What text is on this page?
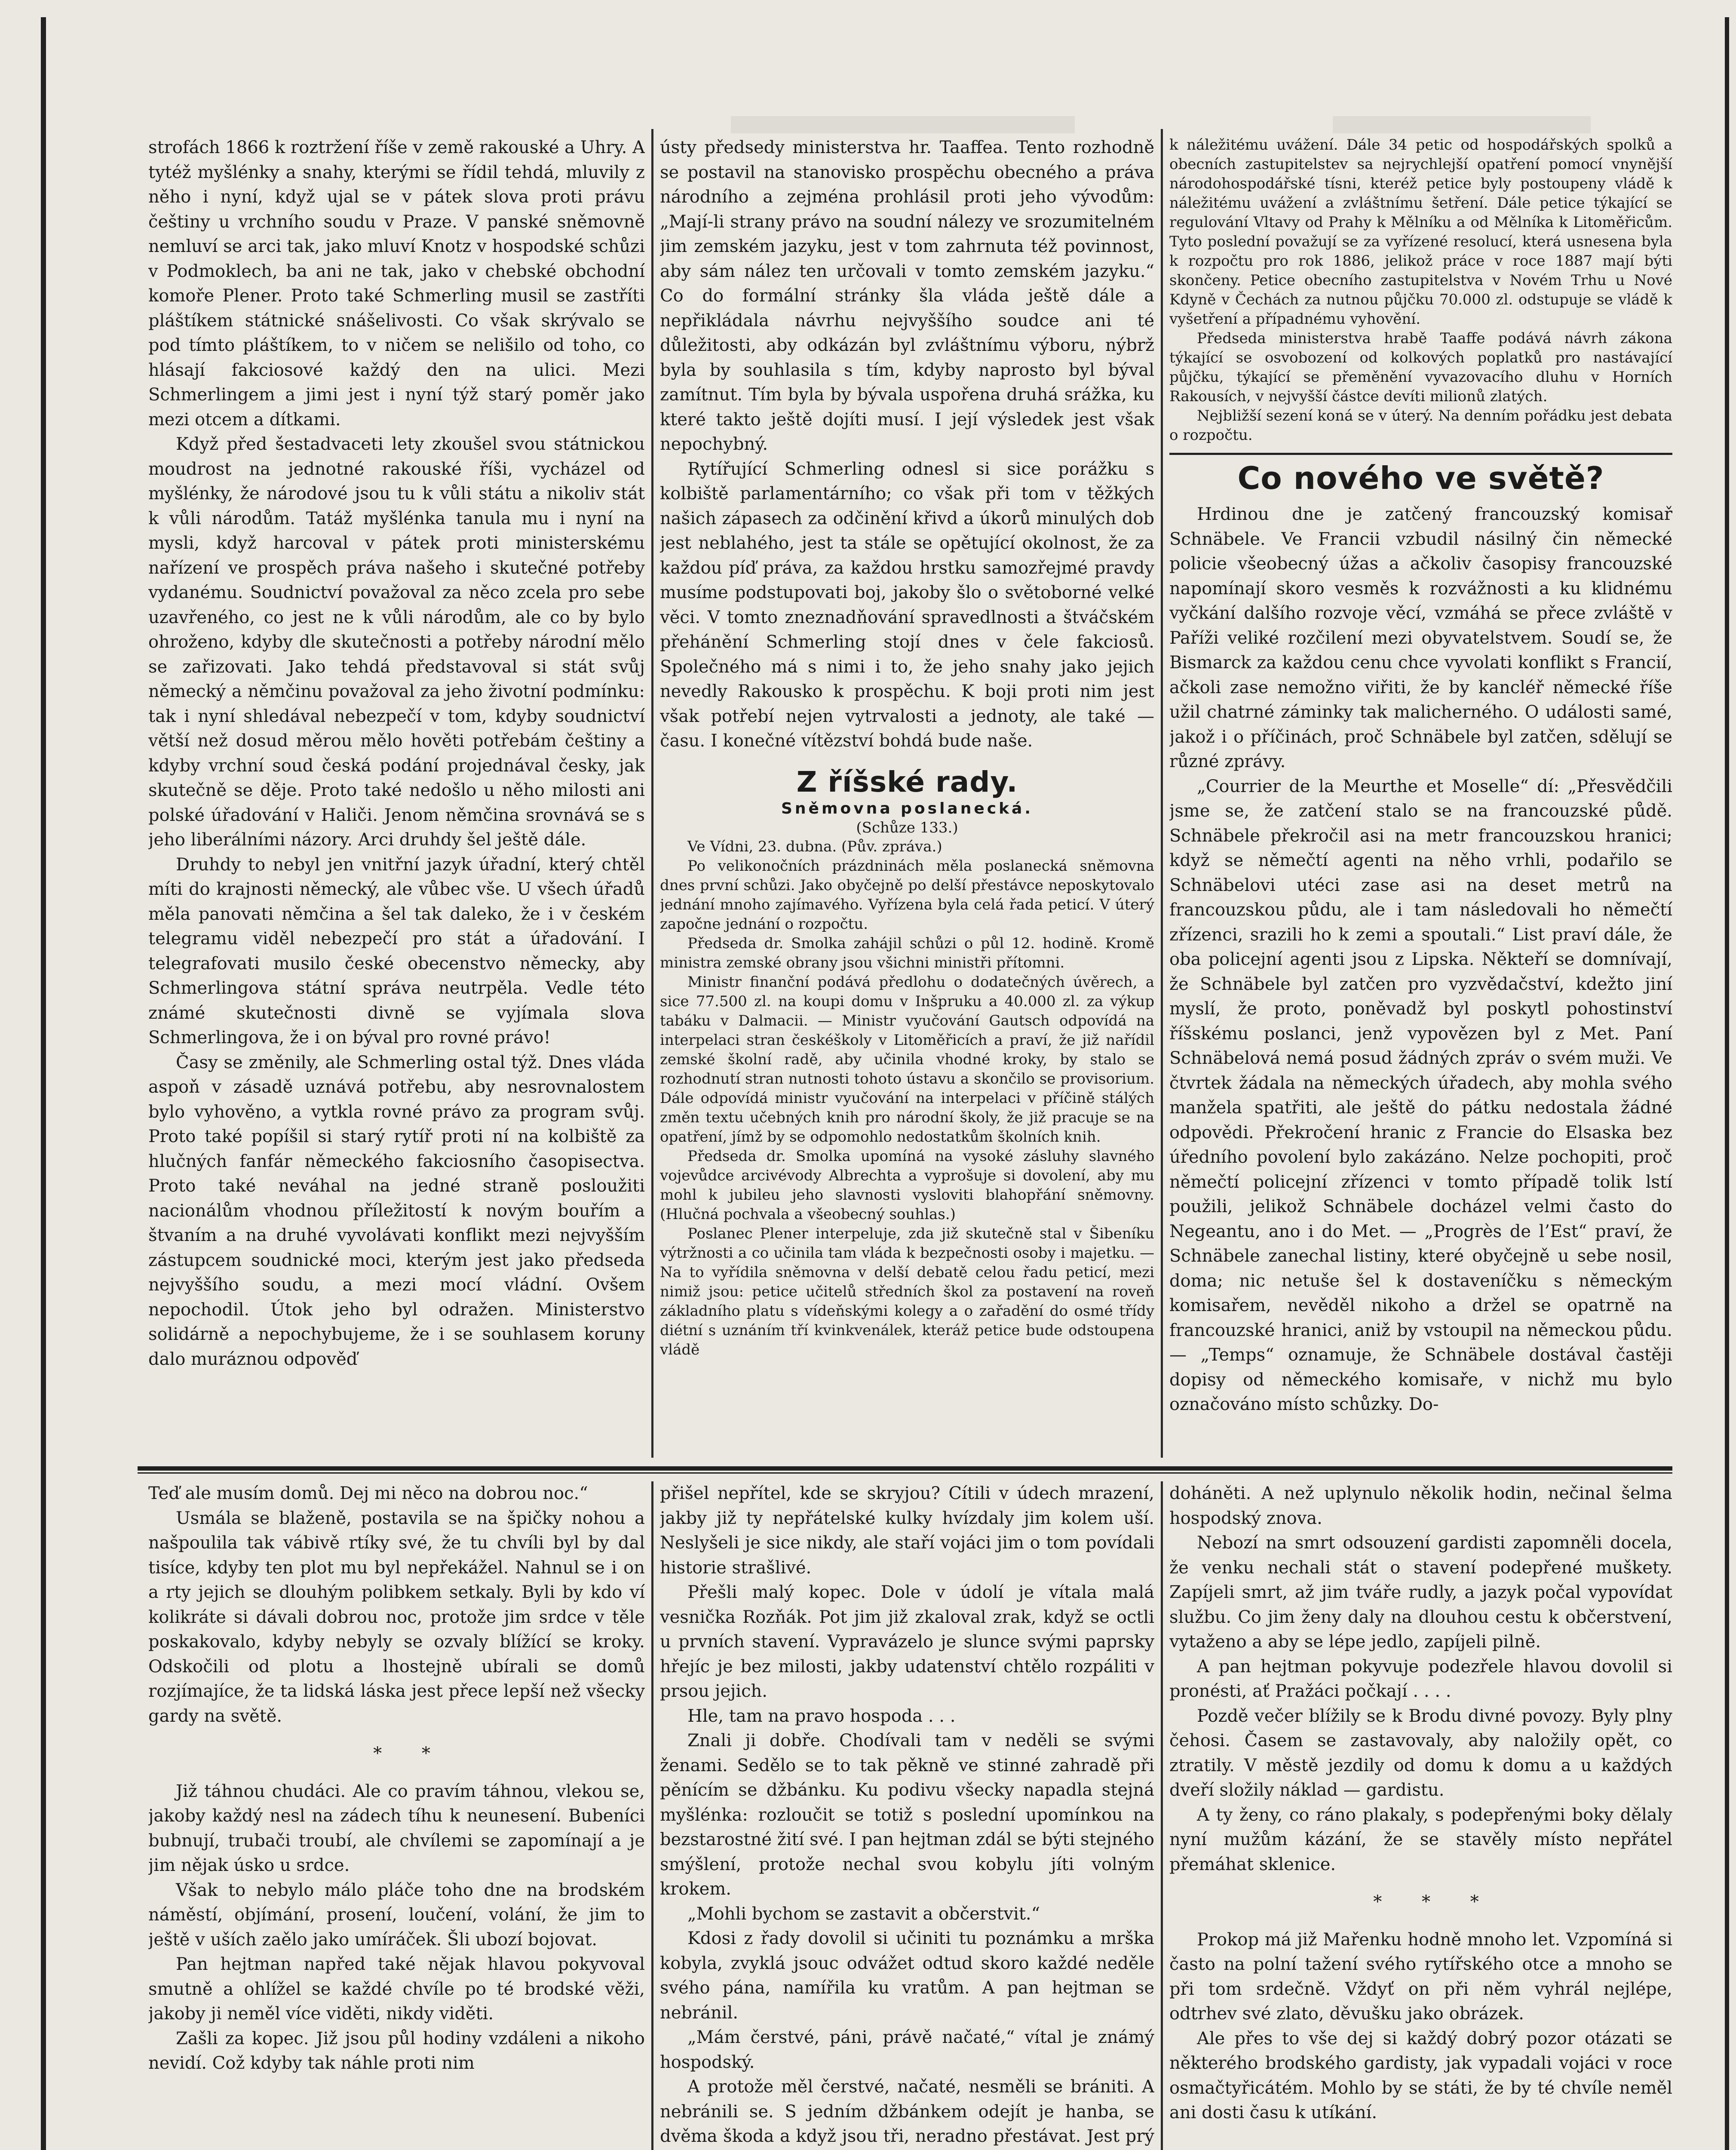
strofách 1866 k roztržení říše v země rakouské a Uhry. A tytéž myšlénky a snahy, kterými se řídil tehdá, mluvily z něho i nyní, když ujal se v pátek slova proti právu češtiny u vrchního soudu v Praze. V panské sněmovně nemluví se arci tak, jako mluví Knotz v hospodské schůzi v Podmoklech, ba ani ne tak, jako v chebské obchodní komoře Plener. Proto také Schmerling musil se zastříti pláštíkem státnické snášelivosti. Co však skrývalo se pod tímto pláštíkem, to v ničem se nelišilo od toho, co hlásají fakciosové každý den na ulici. Mezi Schmerlingem a jimi jest i nyní týž starý poměr jako mezi otcem a dítkami.

Když před šestadvaceti lety zkoušel svou státnickou moudrost na jednotné rakouské říši, vycházel od myšlénky, že národové jsou tu k vůli státu a nikoliv stát k vůli národům. Tatáž myšlénka tanula mu i nyní na mysli, když harcoval v pátek proti ministerskému nařízení ve prospěch práva našeho i skutečné potřeby vydanému. Soudnictví považoval za něco zcela pro sebe uzavřeného, co jest ne k vůli národům, ale co by bylo ohroženo, kdyby dle skutečnosti a potřeby národní mělo se zařizovati. Jako tehdá představoval si stát svůj německý a němčinu považoval za jeho životní podmínku: tak i nyní shledával nebezpečí v tom, kdyby soudnictví větší než dosud měrou mělo hověti potřebám češtiny a kdyby vrchní soud česká podání projednával česky, jak skutečně se děje. Proto také nedošlo u něho milosti ani polské úřadování v Haliči. Jenom němčina srovnává se s jeho liberálními názory. Arci druhdy šel ještě dále.

Druhdy to nebyl jen vnitřní jazyk úřadní, který chtěl míti do krajnosti německý, ale vůbec vše. U všech úřadů měla panovati němčina a šel tak daleko, že i v českém telegramu viděl nebezpečí pro stát a úřadování. I telegrafovati musilo české obecenstvo německy, aby Schmerlingova státní správa neutrpěla. Vedle této známé skutečnosti divně se vyjímala slova Schmerlingova, že i on býval pro rovné právo!

Časy se změnily, ale Schmerling ostal týž. Dnes vláda aspoň v zásadě uznává potřebu, aby nesrovnalostem bylo vyhověno, a vytkla rovné právo za program svůj. Proto také popíšil si starý rytíř proti ní na kolbiště za hlučných fanfár německého fakciosního časopisectva. Proto také neváhal na jedné straně posloužiti nacionálům vhodnou příležitostí k novým bouřím a štvaním a na druhé vyvolávati konflikt mezi nejvyšším zástupcem soudnické moci, kterým jest jako předseda nejvyššího soudu, a mezi mocí vládní. Ovšem nepochodil. Útok jeho byl odražen. Ministerstvo solidárně a nepochybujeme, že i se souhlasem koruny dalo muráznou odpověď

ústy předsedy ministerstva hr. Taaffea. Tento rozhodně se postavil na stanovisko prospěchu obecného a práva národního a zejména prohlásil proti jeho vývodům: „Mají-li strany právo na soudní nálezy ve srozumitelném jim zemském jazyku, jest v tom zahrnuta též povinnost, aby sám nález ten určovali v tomto zemském jazyku.“ Co do formální stránky šla vláda ještě dále a nepřikládala návrhu nejvyššího soudce ani té důležitosti, aby odkázán byl zvláštnímu výboru, nýbrž byla by souhlasila s tím, kdyby naprosto byl býval zamítnut. Tím byla by bývala uspořena druhá srážka, ku které takto ještě dojíti musí. I její výsledek jest však nepochybný.

Rytířující Schmerling odnesl si sice porážku s kolbiště parlamentárního; co však při tom v těžkých našich zápasech za odčinění křivd a úkorů minulých dob jest neblahého, jest ta stále se opětující okolnost, že za každou píď práva, za každou hrstku samozřejmé pravdy musíme podstupovati boj, jakoby šlo o světoborné velké věci. V tomto zneznadňování spravedlnosti a štváčském přehánění Schmerling stojí dnes v čele fakciosů. Společného má s nimi i to, že jeho snahy jako jejich nevedly Rakousko k prospěchu. K boji proti nim jest však potřebí nejen vytrvalosti a jednoty, ale také — času. I konečné vítězství bohdá bude naše.

Z říšské rady.
Sněmovna poslanecká.
(Schůze 133.)

Ve Vídni, 23. dubna. (Pův. zpráva.)

Po velikonočních prázdninách měla poslanecká sněmovna dnes první schůzi. Jako obyčejně po delší přestávce neposkytovalo jednání mnoho zajímavého. Vyřízena byla celá řada peticí. V úterý započne jednání o rozpočtu.

Předseda dr. Smolka zahájil schůzi o půl 12. hodině. Kromě ministra zemské obrany jsou všichni ministři přítomni.

Ministr finanční podává předlohu o dodatečných úvěrech, a sice 77.500 zl. na koupi domu v Inšpruku a 40.000 zl. za výkup tabáku v Dalmacii. — Ministr vyučování Gautsch odpovídá na interpelaci stran českéškoly v Litoměřicích a praví, že již nařídil zemské školní radě, aby učinila vhodné kroky, by stalo se rozhodnutí stran nutnosti tohoto ústavu a skončilo se provisorium. Dále odpovídá ministr vyučování na interpelaci v příčině stálých změn textu učebných knih pro národní školy, že již pracuje se na opatření, jímž by se odpomohlo nedostatkům školních knih.

Předseda dr. Smolka upomíná na vysoké zásluhy slavného vojevůdce arcivévody Albrechta a vyprošuje si dovolení, aby mu mohl k jubileu jeho slavnosti vysloviti blahopřání sněmovny. (Hlučná pochvala a všeobecný souhlas.)

Poslanec Plener interpeluje, zda již skutečně stal v Šibeníku výtržnosti a co učinila tam vláda k bezpečnosti osoby i majetku. — Na to vyřídila sněmovna v delší debatě celou řadu peticí, mezi nimiž jsou: petice učitelů středních škol za postavení na roveň základního platu s vídeňskými kolegy a o zařadění do osmé třídy diétní s uznáním tří kvinkvenálek, kteráž petice bude odstoupena vládě

k náležitému uvážení. Dále 34 petic od hospodářských spolků a obecních zastupitelstev sa nejrychlejší opatření pomocí vnynější národohospodářské tísni, kteréž petice byly postoupeny vládě k náležitému uvážení a zvláštnímu šetření. Dále petice týkající se regulování Vltavy od Prahy k Mělníku a od Mělníka k Litoměřicům. Tyto poslední považují se za vyřízené resolucí, která usnesena byla k rozpočtu pro rok 1886, jelikož práce v roce 1887 mají býti skončeny. Petice obecního zastupitelstva v Novém Trhu u Nové Kdyně v Čechách za nutnou půjčku 70.000 zl. odstupuje se vládě k vyšetření a případnému vyhovění.

Předseda ministerstva hrabě Taaffe podává návrh zákona týkající se osvobození od kolkových poplatků pro nastávající půjčku, týkající se přeměnění vyvazovacího dluhu v Horních Rakousích, v nejvyšší částce devíti milionů zlatých.

Nejbližší sezení koná se v úterý. Na denním pořádku jest debata o rozpočtu.

Co nového ve světě?

Hrdinou dne je zatčený francouzský komisař Schnäbele. Ve Francii vzbudil násilný čin německé policie všeobecný úžas a ačkoliv časopisy francouzské napomínají skoro vesměs k rozvážnosti a ku klidnému vyčkání dalšího rozvoje věcí, vzmáhá se přece zvláště v Paříži veliké rozčilení mezi obyvatelstvem. Soudí se, že Bismarck za každou cenu chce vyvolati konflikt s Francií, ačkoli zase nemožno viřiti, že by kancléř německé říše užil chatrné záminky tak malicherného. O události samé, jakož i o příčinách, proč Schnäbele byl zatčen, sdělují se různé zprávy.

„Courrier de la Meurthe et Moselle“ dí: „Přesvědčili jsme se, že zatčení stalo se na francouzské půdě. Schnäbele překročil asi na metr francouzskou hranici; když se němečtí agenti na něho vrhli, podařilo se Schnäbelovi utéci zase asi na deset metrů na francouzskou půdu, ale i tam následovali ho němečtí zřízenci, srazili ho k zemi a spoutali.“ List praví dále, že oba policejní agenti jsou z Lipska. Někteří se domnívají, že Schnäbele byl zatčen pro vyzvědačství, kdežto jiní myslí, že proto, poněvadž byl poskytl pohostinství říšskému poslanci, jenž vypovězen byl z Met. Paní Schnäbelová nemá posud žádných zpráv o svém muži. Ve čtvrtek žádala na německých úřadech, aby mohla svého manžela spatřiti, ale ještě do pátku nedostala žádné odpovědi. Překročení hranic z Francie do Elsaska bez úředního povolení bylo zakázáno. Nelze pochopiti, proč němečtí policejní zřízenci v tomto případě tolik lstí použili, jelikož Schnäbele docházel velmi často do Negeantu, ano i do Met. — „Progrès de l’Est“ praví, že Schnäbele zanechal listiny, které obyčejně u sebe nosil, doma; nic netuše šel k dostaveníčku s německým komisařem, nevěděl nikoho a držel se opatrně na francouzské hranici, aniž by vstoupil na německou půdu. — „Temps“ oznamuje, že Schnäbele dostával častěji dopisy od německého komisaře, v nichž mu bylo označováno místo schůzky. Do-

Teď ale musím domů. Dej mi něco na dobrou noc.“

Usmála se blaženě, postavila se na špičky nohou a našpoulila tak vábivě rtíky své, že tu chvíli byl by dal tisíce, kdyby ten plot mu byl nepřekážel. Nahnul se i on a rty jejich se dlouhým polibkem setkaly. Byli by kdo ví kolikráte si dávali dobrou noc, protože jim srdce v těle poskakovalo, kdyby nebyly se ozvaly blížící se kroky. Odskočili od plotu a lhostejně ubírali se domů rozjímajíce, že ta lidská láska jest přece lepší než všecky gardy na světě.

* *

Již táhnou chudáci. Ale co pravím táhnou, vlekou se, jakoby každý nesl na zádech tíhu k neunesení. Bubeníci bubnují, trubači troubí, ale chvílemi se zapomínají a je jim nějak úsko u srdce.

Však to nebylo málo pláče toho dne na brodském náměstí, objímání, prosení, loučení, volání, že jim to ještě v uších zaělo jako umíráček. Šli ubozí bojovat.

Pan hejtman napřed také nějak hlavou pokyvoval smutně a ohlížel se každé chvíle po té brodské věži, jakoby ji neměl více viděti, nikdy viděti.

Zašli za kopec. Již jsou půl hodiny vzdáleni a nikoho nevidí. Což kdyby tak náhle proti nim

přišel nepřítel, kde se skryjou? Cítili v údech mrazení, jakby již ty nepřátelské kulky hvízdaly jim kolem uší. Neslyšeli je sice nikdy, ale staří vojáci jim o tom povídali historie strašlivé.

Přešli malý kopec. Dole v údolí je vítala malá vesnička Rozňák. Pot jim již zkaloval zrak, když se octli u prvních stavení. Vypravázelo je slunce svými paprsky hřejíc je bez milosti, jakby udatenství chtělo rozpáliti v prsou jejich.

Hle, tam na pravo hospoda . . .

Znali ji dobře. Chodívali tam v neděli se svými ženami. Sedělo se to tak pěkně ve stinné zahradě při pěnícím se džbánku. Ku podivu všecky napadla stejná myšlénka: rozloučit se totiž s poslední upomínkou na bezstarostné žití své. I pan hejtman zdál se býti stejného smýšlení, protože nechal svou kobylu jíti volným krokem.

„Mohli bychom se zastavit a občerstvit.“

Kdosi z řady dovolil si učiniti tu poznámku a mrška kobyla, zvyklá jsouc odvážet odtud skoro každé neděle svého pána, namířila ku vratům. A pan hejtman se nebránil.

„Mám čerstvé, páni, právě načaté,“ vítal je známý hospodský.

A protože měl čerstvé, načaté, nesměli se brániti. A nebránili se. S jedním džbánkem odejít je hanba, se dvěma škoda a když jsou tři, neradno přestávat. Jest prý

doháněti. A než uplynulo několik hodin, nečinal šelma hospodský znova.

Nebozí na smrt odsouzení gardisti zapomněli docela, že venku nechali stát o stavení podepřené muškety. Zapíjeli smrt, až jim tváře rudly, a jazyk počal vypovídat službu. Co jim ženy daly na dlouhou cestu k občerstvení, vytaženo a aby se lépe jedlo, zapíjeli pilně.

A pan hejtman pokyvuje podezřele hlavou dovolil si pronésti, ať Pražáci počkají . . . .

Pozdě večer blížily se k Brodu divné povozy. Byly plny čehosi. Časem se zastavovaly, aby naložily opět, co ztratily. V městě jezdily od domu k domu a u každých dveří složily náklad — gardistu.

A ty ženy, co ráno plakaly, s podepřenými boky dělaly nyní mužům kázání, že se stavěly místo nepřátel přemáhat sklenice.

* * *

Prokop má již Mařenku hodně mnoho let. Vzpomíná si často na polní tažení svého rytířského otce a mnoho se při tom srdečně. Vždyť on při něm vyhrál nejlépe, odtrhev své zlato, děvušku jako obrázek.

Ale přes to vše dej si každý dobrý pozor otázati se některého brodského gardisty, jak vypadali vojáci v roce osmačtyřicátém. Mohlo by se státi, že by té chvíle neměl ani dosti času k utíkání.
